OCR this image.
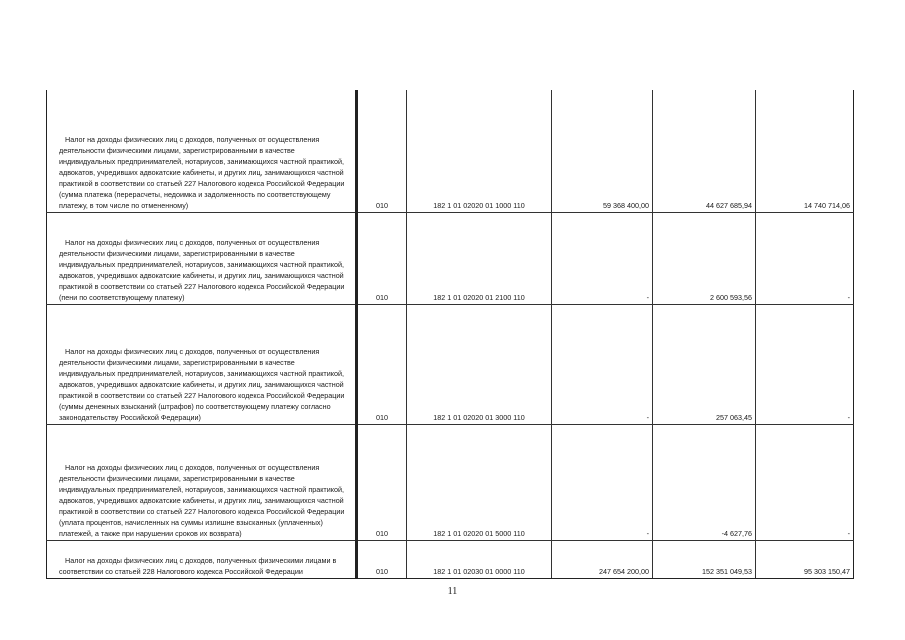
Налог на доходы физических лиц с доходов, полученных от осуществления деятельности физическими лицами, зарегистрированными в качестве индивидуальных предпринимателей, нотариусов, занимающихся частной практикой, адвокатов, учредивших адвокатские кабинеты, и других лиц, занимающихся частной практикой в соответствии со статьей 227 Налогового кодекса Российской Федерации (сумма платежа (перерасчеты, недоимка и задолженность по соответствующему платежу, в том числе по отмененному)	010	182 1 01 02020 01 1000 110	59 368 400,00	44 627 685,94	14 740 714,06

Налог на доходы физических лиц с доходов, полученных от осуществления деятельности физическими лицами, зарегистрированными в качестве индивидуальных предпринимателей, нотариусов, занимающихся частной практикой, адвокатов, учредивших адвокатские кабинеты, и других лиц, занимающихся частной практикой в соответствии со статьей 227 Налогового кодекса Российской Федерации (пени по соответствующему платежу)	010	182 1 01 02020 01 2100 110	-	2 600 593,56	-

Налог на доходы физических лиц с доходов, полученных от осуществления деятельности физическими лицами, зарегистрированными в качестве индивидуальных предпринимателей, нотариусов, занимающихся частной практикой, адвокатов, учредивших адвокатские кабинеты, и других лиц, занимающихся частной практикой в соответствии со статьей 227 Налогового кодекса Российской Федерации (суммы денежных взысканий (штрафов) по соответствующему платежу согласно законодательству Российской Федерации)	010	182 1 01 02020 01 3000 110	-	257 063,45	-

Налог на доходы физических лиц с доходов, полученных от осуществления деятельности физическими лицами, зарегистрированными в качестве индивидуальных предпринимателей, нотариусов, занимающихся частной практикой, адвокатов, учредивших адвокатские кабинеты, и других лиц, занимающихся частной практикой в соответствии со статьей 227 Налогового кодекса Российской Федерации (уплата процентов, начисленных на суммы излишне взысканных (уплаченных) платежей, а также при нарушении сроков их возврата)	010	182 1 01 02020 01 5000 110	-	-4 627,76	-

Налог на доходы физических лиц с доходов, полученных физическими лицами в соответствии со статьей 228 Налогового кодекса Российской Федерации	010	182 1 01 02030 01 0000 110	247 654 200,00	152 351 049,53	95 303 150,47
11
